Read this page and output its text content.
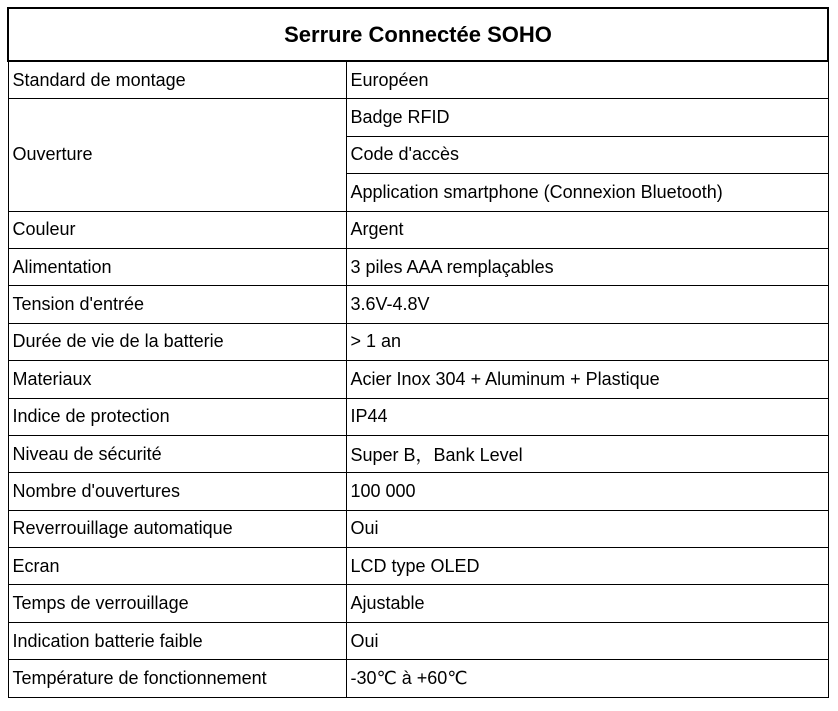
Serrure Connectée SOHO	
Standard de montage	Européen
Ouverture	Badge RFID
	Code d'accès
	Application smartphone (Connexion Bluetooth)
Couleur	Argent
Alimentation	3 piles AAA remplaçables
Tension d'entrée	3.6V-4.8V
Durée de vie de la batterie	> 1 an
Materiaux	Acier Inox 304 + Aluminum + Plastique
Indice de protection	IP44
Niveau de sécurité	Super B，Bank Level
Nombre d'ouvertures	100 000
Reverrouillage automatique	Oui
Ecran	LCD type OLED
Temps de verrouillage	Ajustable
Indication batterie faible	Oui
Température de fonctionnement	-30℃ à +60℃
